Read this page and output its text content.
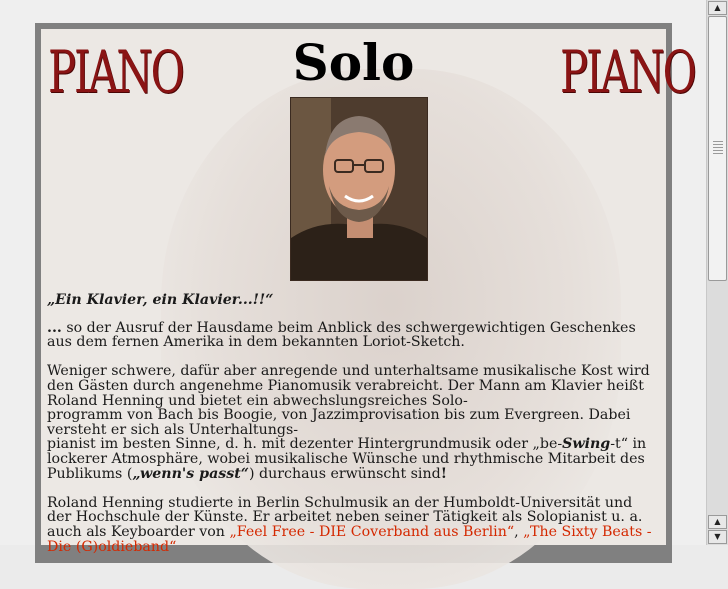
PIANO	Solo	PIANO

„Ein Klavier, ein Klavier...!!“

... so der Ausruf der Hausdame beim Anblick des schwergewichtigen Geschenkes aus dem fernen Amerika in dem bekannten Loriot-Sketch.

Weniger schwere, dafür aber anregende und unterhaltsame musikalische Kost wird den Gästen durch angenehme Pianomusik verabreicht. Der Mann am Klavier heißt Roland Henning und bietet ein abwechslungsreiches Solo-
programm von Bach bis Boogie, von Jazzimprovisation bis zum Evergreen. Dabei versteht er sich als Unterhaltungs-
pianist im besten Sinne, d. h. mit dezenter Hintergrundmusik oder „be-Swing-t“ in lockerer Atmosphäre, wobei musikalische Wünsche und rhythmische Mitarbeit des Publikums („wenn's passt“) durchaus erwünscht sind!

Roland Henning studierte in Berlin Schulmusik an der Humboldt-Universität und der Hochschule der Künste. Er arbeitet neben seiner Tätigkeit als Solopianist u. a. auch als Keyboarder von „Feel Free - DIE Coverband aus Berlin“, „The Sixty Beats - Die (G)oldieband“

▲
▲
▼
